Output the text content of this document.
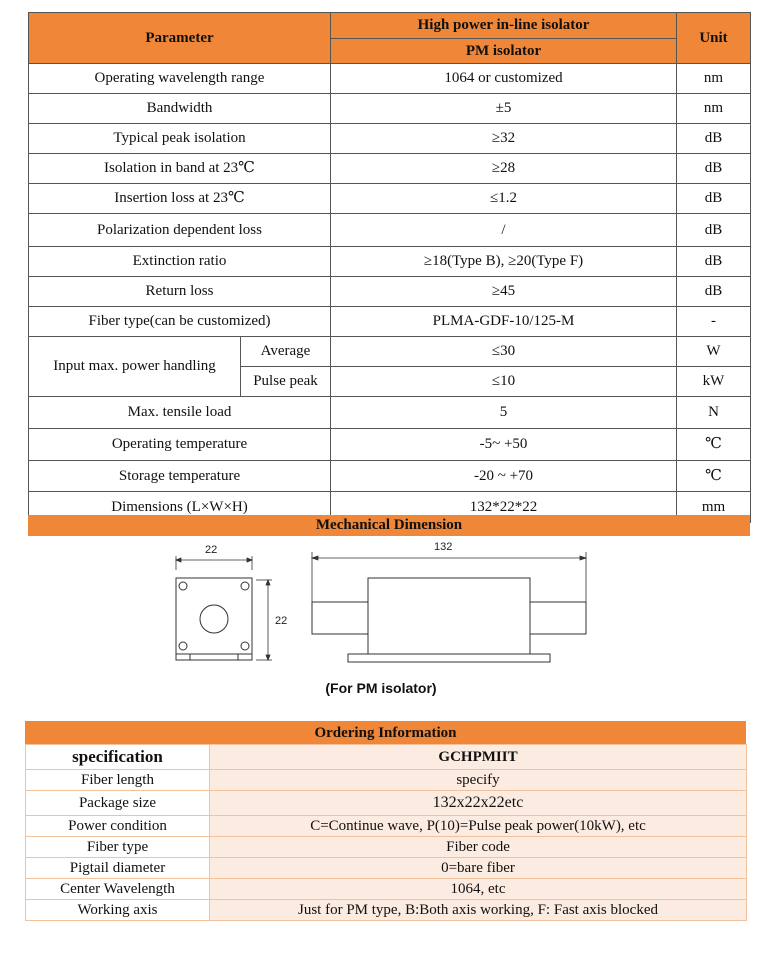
Parameter		High power in-line isolator	Unit
		PM isolator	
Operating wavelength range		1064 or customized	nm
Bandwidth		±5	nm
Typical peak isolation		≥32	dB
Isolation in band at 23℃		≥28	dB
Insertion loss at 23℃		≤1.2	dB
Polarization dependent loss		/	dB
Extinction ratio		≥18(Type B), ≥20(Type F)	dB
Return loss		≥45	dB
Fiber type(can be customized)		PLMA-GDF-10/125-M	-
Input max. power handling	Average	≤30	W
	Pulse peak	≤10	kW
Max. tensile load		5	N
Operating temperature		-5~ +50	℃
Storage temperature		-20 ~ +70	℃
Dimensions (L×W×H)		132*22*22	mm
Mechanical Dimension
22
22
132
(For PM isolator)
Ordering Information
specification	GCHPMIIT
Fiber length	specify
Package size	132x22x22etc
Power condition	C=Continue wave, P(10)=Pulse peak power(10kW), etc
Fiber type	Fiber code
Pigtail diameter	0=bare fiber
Center Wavelength	1064, etc
Working axis	Just for PM type, B:Both axis working, F: Fast axis blocked
